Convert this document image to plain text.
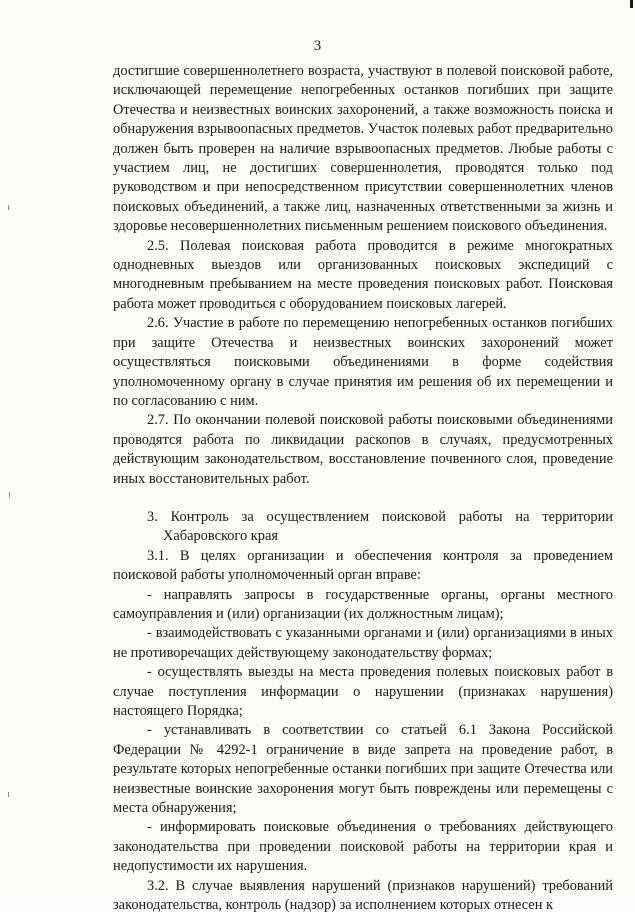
3

достигшие совершеннолетнего возраста, участвуют в полевой поисковой работе, исключающей перемещение непогребенных останков погибших при защите Отечества и неизвестных воинских захоронений, а также возможность поиска и обнаружения взрывоопасных предметов. Участок полевых работ предварительно должен быть проверен на наличие взрывоопасных предметов. Любые работы с участием лиц, не достигших совершеннолетия, проводятся только под руководством и при непосредственном присутствии совершеннолетних членов поисковых объединений, а также лиц, назначенных ответственными за жизнь и здоровье несовершеннолетних письменным решением поискового объединения.

2.5. Полевая поисковая работа проводится в режиме многократных однодневных выездов или организованных поисковых экспедиций с многодневным пребыванием на месте проведения поисковых работ. Поисковая работа может проводиться с оборудованием поисковых лагерей.

2.6. Участие в работе по перемещению непогребенных останков погибших при защите Отечества и неизвестных воинских захоронений может осуществляться поисковыми объединениями в форме содействия уполномоченному органу в случае принятия им решения об их перемещении и по согласованию с ним.

2.7. По окончании полевой поисковой работы поисковыми объединениями проводятся работа по ликвидации раскопов в случаях, предусмотренных действующим законодательством, восстановление почвенного слоя, проведение иных восстановительных работ.

3. Контроль за осуществлением поисковой работы на территории
Хабаровского края

3.1. В целях организации и обеспечения контроля за проведением поисковой работы уполномоченный орган вправе:

- направлять запросы в государственные органы, органы местного самоуправления и (или) организации (их должностным лицам);

- взаимодействовать с указанными органами и (или) организациями в иных не противоречащих действующему законодательству формах;

- осуществлять выезды на места проведения полевых поисковых работ в случае поступления информации о нарушении (признаках нарушения) настоящего Порядка;

- устанавливать в соответствии со статьей 6.1 Закона Российской Федерации № 4292-1 ограничение в виде запрета на проведение работ, в результате которых непогребенные останки погибших при защите Отечества или неизвестные воинские захоронения могут быть повреждены или перемещены с места обнаружения;

- информировать поисковые объединения о требованиях действующего законодательства при проведении поисковой работы на территории края и недопустимости их нарушения.

3.2. В случае выявления нарушений (признаков нарушений) требований законодательства, контроль (надзор) за исполнением которых отнесен к
